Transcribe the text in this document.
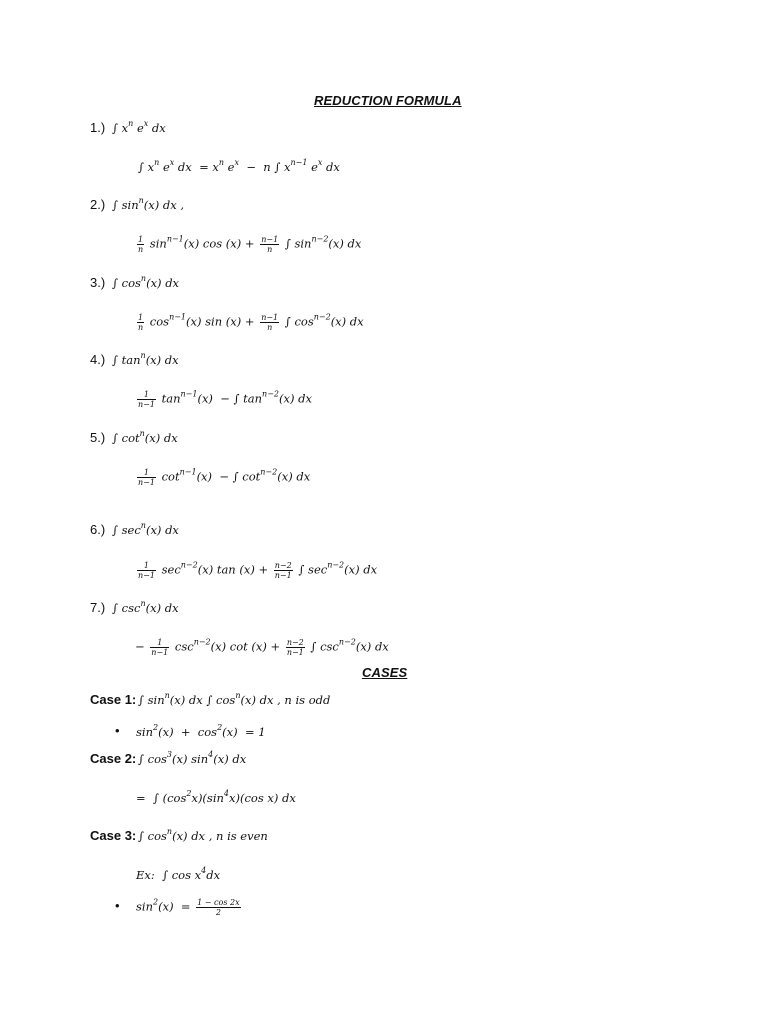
REDUCTION FORMULA
1.) ∫ $x^n$ $e^x$ dx
∫ $x^n$ $e^x$ dx  = $x^n$ $e^x - n$ ∫ $x^{n-1}$ $e^x$ dx
2.) ∫ $\sin^n(x)$ dx ,
$\frac{1}{n} \sin^{n-1}(x)$ $\cos (x) + \frac{n-1}{n}$ ∫ $\sin^{n-2}(x)$ dx
3.) ∫ $\cos^n(x)$ dx
$\frac{1}{n} \cos^{n-1}(x)$ $\sin (x) + \frac{n-1}{n}$ ∫ $\cos^{n-2}(x)$ dx
4.) ∫ $\tan^n(x)$ dx
$\frac{1}{n-1} \tan^{n-1}(x)$  − ∫ $\tan^{n-2}(x)$ dx
5.) ∫ $\cot^n(x)$ dx
$\frac{1}{n-1} \cot^{n-1}(x)$  − ∫ $\cot^{n-2}(x)$ dx
6.) ∫ $\sec^n(x)$ dx
$\frac{1}{n-1} \sec^{n-2}(x)$ $\tan (x) + \frac{n-2}{n-1}$ ∫ $\sec^{n-2}(x)$ dx
7.) ∫ $\csc^n(x)$ dx
− $\frac{1}{n-1} \csc^{n-2}(x)$ $\cot (x) + \frac{n-2}{n-1}$ ∫ $\csc^{n-2}(x)$ dx
CASES
Case 1: ∫ $\sin^n(x)$ dx ∫ $\cos^n(x)$ dx , n is odd
• $\sin^2(x) + \cos^2(x) = 1$
Case 2: ∫ $\cos^3(x)$ $\sin^4(x)$ dx
=  ∫ $(\cos^2x)(\sin^4x)(\cos$ x) dx
Case 3: ∫ $\cos^n(x)$ dx , n is even
Ex:  ∫ $\cos x^4dx$
• $\sin^2(x) = \frac{1 - \cos 2x}{2}$
